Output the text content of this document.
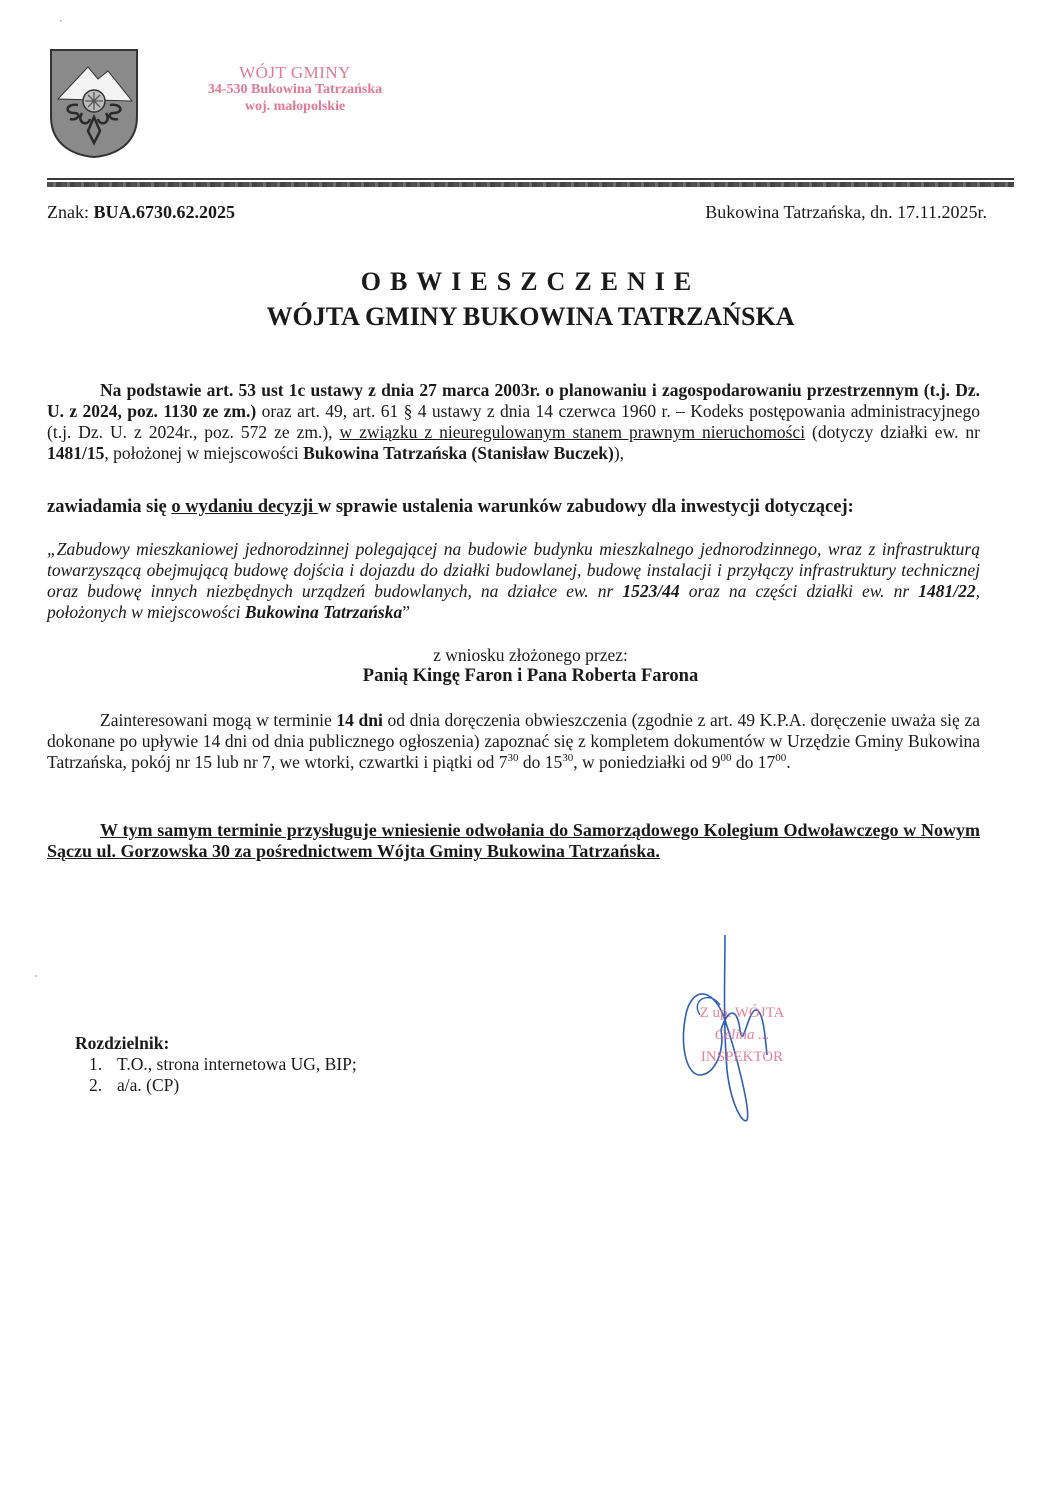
WÓJT GMINY
34-530 Bukowina Tatrzańska
woj. małopolskie
Znak: BUA.6730.62.2025	Bukowina Tatrzańska, dn. 17.11.2025r.
OBWIESZCZENIE
WÓJTA GMINY BUKOWINA TATRZAŃSKA
Na podstawie art. 53 ust 1c ustawy z dnia 27 marca 2003r. o planowaniu i zagospodarowaniu przestrzennym (t.j. Dz. U. z 2024, poz. 1130 ze zm.) oraz art. 49, art. 61 § 4 ustawy z dnia 14 czerwca 1960 r. – Kodeks postępowania administracyjnego (t.j. Dz. U. z 2024r., poz. 572 ze zm.), w związku z nieuregulowanym stanem prawnym nieruchomości (dotyczy działki ew. nr 1481/15, położonej w miejscowości Bukowina Tatrzańska (Stanisław Buczek)),
zawiadamia się o wydaniu decyzji w sprawie ustalenia warunków zabudowy dla inwestycji dotyczącej:
„Zabudowy mieszkaniowej jednorodzinnej polegającej na budowie budynku mieszkalnego jednorodzinnego, wraz z infrastrukturą towarzyszącą obejmującą budowę dojścia i dojazdu do działki budowlanej, budowę instalacji i przyłączy infrastruktury technicznej oraz budowę innych niezbędnych urządzeń budowlanych, na działce ew. nr 1523/44 oraz na części działki ew. nr 1481/22, położonych w miejscowości Bukowina Tatrzańska”
z wniosku złożonego przez:
Panią Kingę Faron i Pana Roberta Farona
Zainteresowani mogą w terminie 14 dni od dnia doręczenia obwieszczenia (zgodnie z art. 49 K.P.A. doręczenie uważa się za dokonane po upływie 14 dni od dnia publicznego ogłoszenia) zapoznać się z kompletem dokumentów w Urzędzie Gminy Bukowina Tatrzańska, pokój nr 15 lub nr 7, we wtorki, czwartki i piątki od $7^{30}$ do $15^{30}$, w poniedziałki od $9^{00}$ do $17^{00}$.
W tym samym terminie przysługuje wniesienie odwołania do Samorządowego Kolegium Odwoławczego w Nowym Sączu ul. Gorzowska 30 za pośrednictwem Wójta Gminy Bukowina Tatrzańska.
Z up. WÓJTA
Celina ...
INSPEKTOR
Rozdzielnik:
1. T.O., strona internetowa UG, BIP;
2. a/a. (CP)
